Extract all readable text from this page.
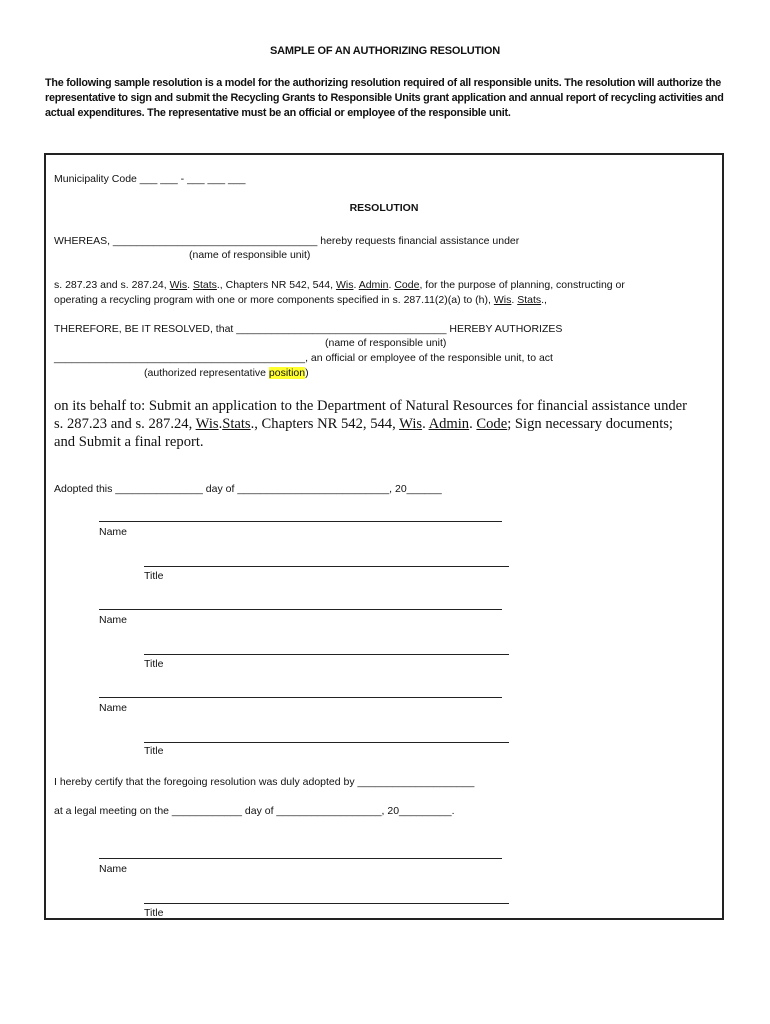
SAMPLE OF AN AUTHORIZING RESOLUTION
The following sample resolution is a model for the authorizing resolution required of all responsible units. The resolution will authorize the representative to sign and submit the Recycling Grants to Responsible Units grant application and annual report of recycling activities and actual expenditures. The representative must be an official or employee of the responsible unit.
Municipality Code ___ ___ - ___ ___ ___
RESOLUTION
WHEREAS, ___________________________________ hereby requests financial assistance under
(name of responsible unit)
s. 287.23 and s. 287.24, Wis. Stats., Chapters NR 542, 544, Wis. Admin. Code, for the purpose of planning, constructing or
operating a recycling program with one or more components specified in s. 287.11(2)(a) to (h), Wis. Stats.,
THEREFORE, BE IT RESOLVED, that ____________________________________ HEREBY AUTHORIZES
(name of responsible unit)
___________________________________________, an official or employee of the responsible unit, to act
(authorized representative position)
on its behalf to: Submit an application to the Department of Natural Resources for financial assistance under
s. 287.23 and s. 287.24, Wis.Stats., Chapters NR 542, 544, Wis. Admin. Code; Sign necessary documents;
and Submit a final report.
Adopted this _______________ day of __________________________, 20______
Name
Title
Name
Title
Name
Title
I hereby certify that the foregoing resolution was duly adopted by ____________________
at a legal meeting on the ____________ day of __________________, 20_________.
Name
Title
